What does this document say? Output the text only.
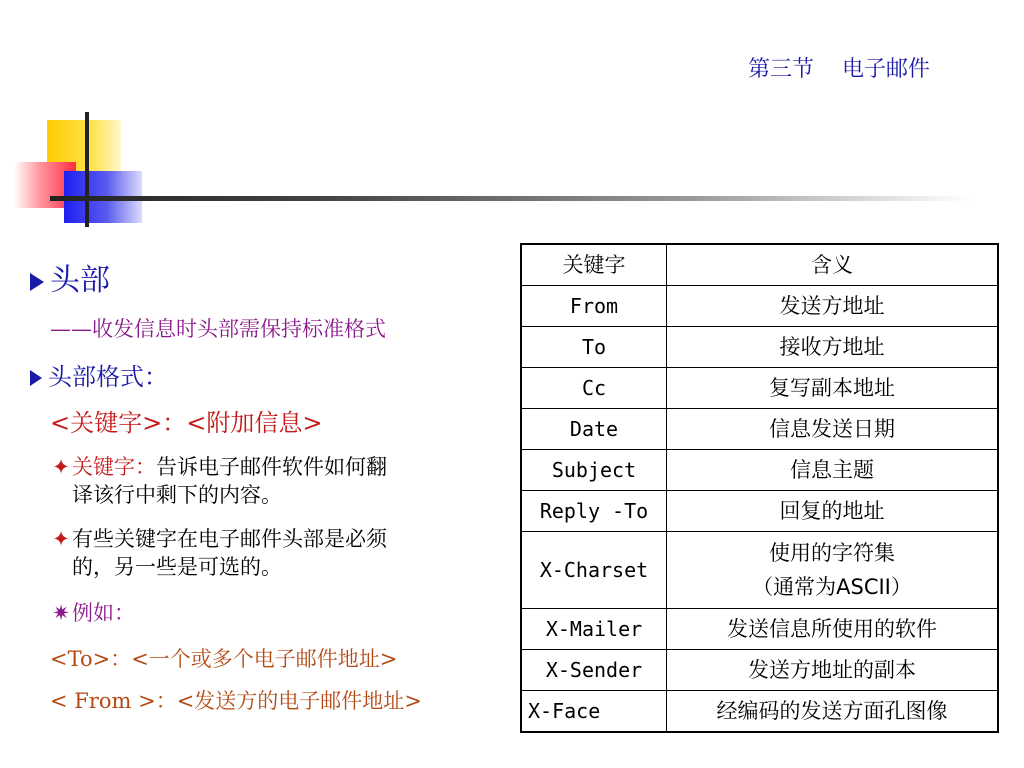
第三节    电子邮件
头部
——收发信息时头部需保持标准格式
头部格式：
<关键字>：<附加信息>
✦ 关键字：告诉电子邮件软件如何翻
译该行中剩下的内容。
✦ 有些关键字在电子邮件头部是必须
的，另一些是可选的。
✷ 例如：
<To>：<一个或多个电子邮件地址>
< From >：<发送方的电子邮件地址>
关键字	含义
From	发送方地址
To	接收方地址
Cc	复写副本地址
Date	信息发送日期
Subject	信息主题
Reply -To	回复的地址
X-Charset	使用的字符集
（通常为ASCII）

X-Mailer	发送信息所使用的软件
X-Sender	发送方地址的副本
X-Face	经编码的发送方面孔图像
